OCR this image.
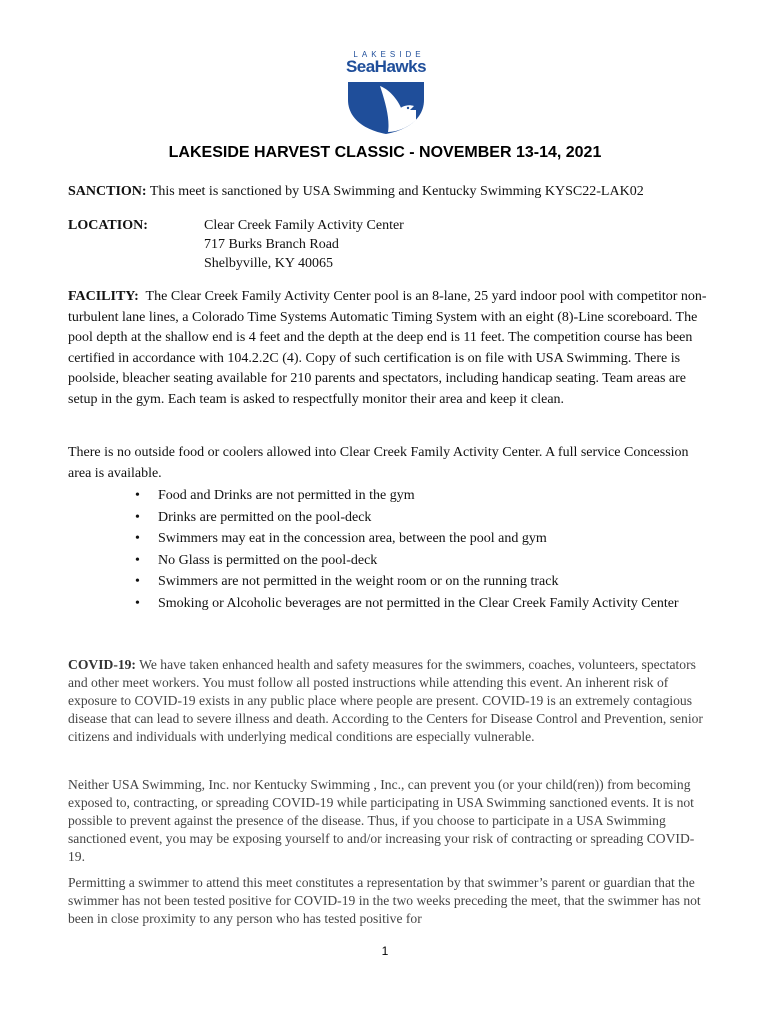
LAKESIDE
SeaHawks
LAKESIDE HARVEST CLASSIC - NOVEMBER 13-14, 2021
SANCTION: This meet is sanctioned by USA Swimming and Kentucky Swimming KYSC22-LAK02
LOCATION:	Clear Creek Family Activity Center
717 Burks Branch Road
Shelbyville, KY 40065
FACILITY: The Clear Creek Family Activity Center pool is an 8-lane, 25 yard indoor pool with competitor non-turbulent lane lines, a Colorado Time Systems Automatic Timing System with an eight (8)-Line scoreboard. The pool depth at the shallow end is 4 feet and the depth at the deep end is 11 feet. The competition course has been certified in accordance with 104.2.2C (4). Copy of such certification is on file with USA Swimming. There is poolside, bleacher seating available for 210 parents and spectators, including handicap seating. Team areas are setup in the gym. Each team is asked to respectfully monitor their area and keep it clean.
There is no outside food or coolers allowed into Clear Creek Family Activity Center. A full service Concession area is available.
• Food and Drinks are not permitted in the gym
• Drinks are permitted on the pool-deck
• Swimmers may eat in the concession area, between the pool and gym
• No Glass is permitted on the pool-deck
• Swimmers are not permitted in the weight room or on the running track
• Smoking or Alcoholic beverages are not permitted in the Clear Creek Family Activity Center
COVID-19: We have taken enhanced health and safety measures for the swimmers, coaches, volunteers, spectators and other meet workers. You must follow all posted instructions while attending this event. An inherent risk of exposure to COVID-19 exists in any public place where people are present. COVID-19 is an extremely contagious disease that can lead to severe illness and death. According to the Centers for Disease Control and Prevention, senior citizens and individuals with underlying medical conditions are especially vulnerable.
Neither USA Swimming, Inc. nor Kentucky Swimming , Inc., can prevent you (or your child(ren)) from becoming exposed to, contracting, or spreading COVID-19 while participating in USA Swimming sanctioned events. It is not possible to prevent against the presence of the disease. Thus, if you choose to participate in a USA Swimming sanctioned event, you may be exposing yourself to and/or increasing your risk of contracting or spreading COVID-19.
Permitting a swimmer to attend this meet constitutes a representation by that swimmer’s parent or guardian that the swimmer has not been tested positive for COVID-19 in the two weeks preceding the meet, that the swimmer has not been in close proximity to any person who has tested positive for
1
